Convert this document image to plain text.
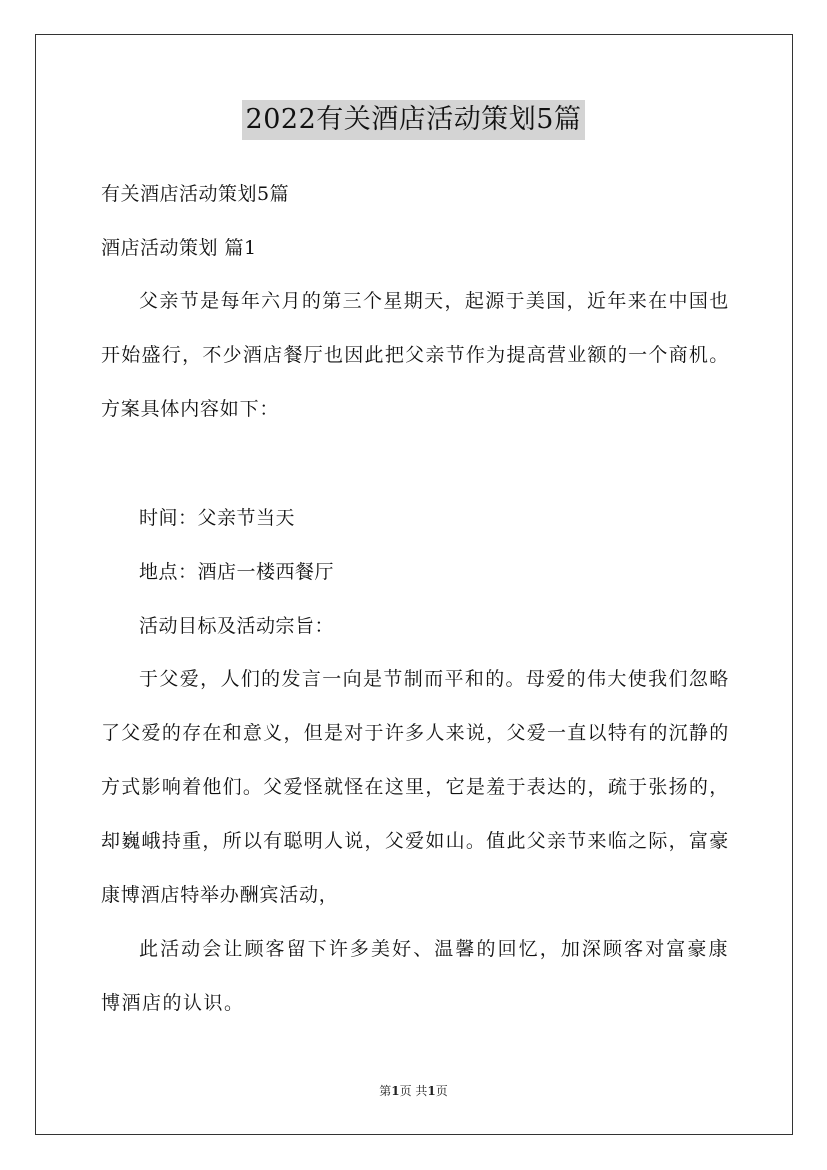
2022有关酒店活动策划5篇
有关酒店活动策划5篇
酒店活动策划 篇1
父亲节是每年六月的第三个星期天，起源于美国，近年来在中国也开始盛行，不少酒店餐厅也因此把父亲节作为提高营业额的一个商机。方案具体内容如下：
时间：父亲节当天
地点：酒店一楼西餐厅
活动目标及活动宗旨：
于父爱，人们的发言一向是节制而平和的。母爱的伟大使我们忽略了父爱的存在和意义，但是对于许多人来说，父爱一直以特有的沉静的方式影响着他们。父爱怪就怪在这里，它是羞于表达的，疏于张扬的，却巍峨持重，所以有聪明人说，父爱如山。值此父亲节来临之际，富豪康博酒店特举办酬宾活动，
此活动会让顾客留下许多美好、温馨的回忆，加深顾客对富豪康博酒店的认识。
第1页 共1页
